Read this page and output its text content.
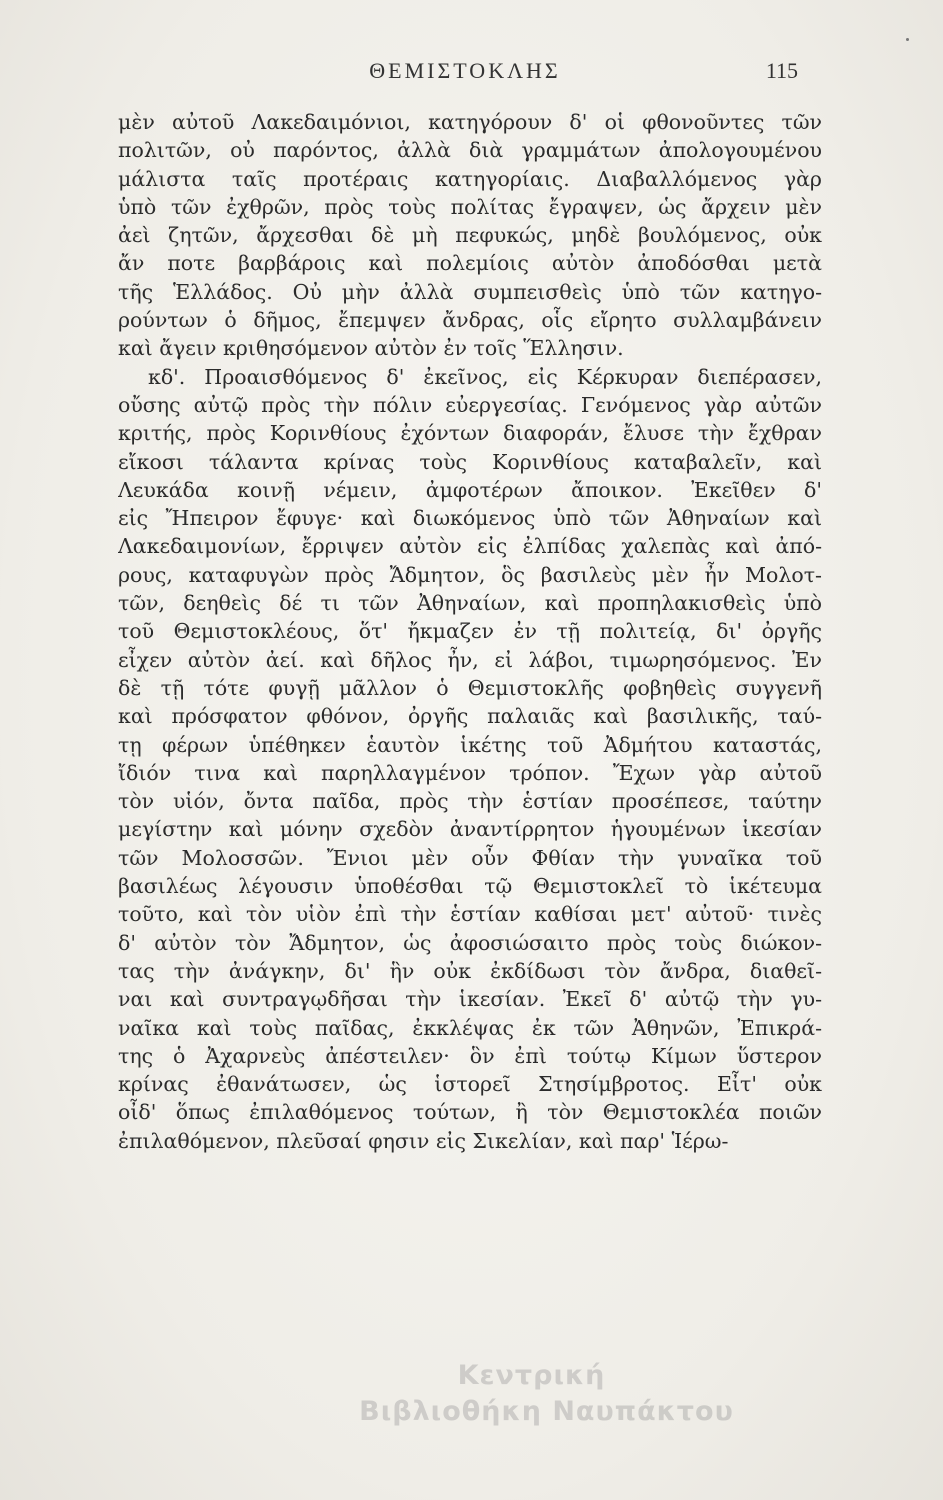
ΘΕΜΙΣΤΟΚΛΗΣ	115
μὲν αὐτοῦ Λακεδαιμόνιοι, κατηγόρουν δ' οἱ φθονοῦντες τῶν
πολιτῶν, οὐ παρόντος, ἀλλὰ διὰ γραμμάτων ἀπολογουμένου
μάλιστα ταῖς προτέραις κατηγορίαις. Διαβαλλόμενος γὰρ
ὑπὸ τῶν ἐχθρῶν, πρὸς τοὺς πολίτας ἔγραψεν, ὡς ἄρχειν μὲν
ἀεὶ ζητῶν, ἄρχεσθαι δὲ μὴ πεφυκώς, μηδὲ βουλόμενος, οὐκ
ἄν ποτε βαρβάροις καὶ πολεμίοις αὐτὸν ἀποδόσθαι μετὰ
τῆς Ἑλλάδος. Οὐ μὴν ἀλλὰ συμπεισθεὶς ὑπὸ τῶν κατηγο-
ρούντων ὁ δῆμος, ἔπεμψεν ἄνδρας, οἷς εἴρητο συλλαμβάνειν
καὶ ἄγειν κριθησόμενον αὐτὸν ἐν τοῖς Ἕλλησιν.
κδ'. Προαισθόμενος δ' ἐκεῖνος, εἰς Κέρκυραν διεπέρασεν,
οὔσης αὐτῷ πρὸς τὴν πόλιν εὐεργεσίας. Γενόμενος γὰρ αὐτῶν
κριτής, πρὸς Κορινθίους ἐχόντων διαφοράν, ἔλυσε τὴν ἔχθραν
εἴκοσι τάλαντα κρίνας τοὺς Κορινθίους καταβαλεῖν, καὶ
Λευκάδα κοινῇ νέμειν, ἀμφοτέρων ἄποικον. Ἐκεῖθεν δ'
εἰς Ἤπειρον ἔφυγε· καὶ διωκόμενος ὑπὸ τῶν Ἀθηναίων καὶ
Λακεδαιμονίων, ἔρριψεν αὐτὸν εἰς ἐλπίδας χαλεπὰς καὶ ἀπό-
ρους, καταφυγὼν πρὸς Ἄδμητον, ὃς βασιλεὺς μὲν ἦν Μολοτ-
τῶν, δεηθεὶς δέ τι τῶν Ἀθηναίων, καὶ προπηλακισθεὶς ὑπὸ
τοῦ Θεμιστοκλέους, ὅτ' ἤκμαζεν ἐν τῇ πολιτείᾳ, δι' ὀργῆς
εἶχεν αὐτὸν ἀεί. καὶ δῆλος ἦν, εἰ λάβοι, τιμωρησόμενος. Ἐν
δὲ τῇ τότε φυγῇ μᾶλλον ὁ Θεμιστοκλῆς φοβηθεὶς συγγενῆ
καὶ πρόσφατον φθόνον, ὀργῆς παλαιᾶς καὶ βασιλικῆς, ταύ-
τῃ φέρων ὑπέθηκεν ἑαυτὸν ἱκέτης τοῦ Ἀδμήτου καταστάς,
ἴδιόν τινα καὶ παρηλλαγμένον τρόπον. Ἔχων γὰρ αὐτοῦ
τὸν υἱόν, ὄντα παῖδα, πρὸς τὴν ἑστίαν προσέπεσε, ταύτην
μεγίστην καὶ μόνην σχεδὸν ἀναντίρρητον ἡγουμένων ἱκεσίαν
τῶν Μολοσσῶν. Ἔνιοι μὲν οὖν Φθίαν τὴν γυναῖκα τοῦ
βασιλέως λέγουσιν ὑποθέσθαι τῷ Θεμιστοκλεῖ τὸ ἱκέτευμα
τοῦτο, καὶ τὸν υἱὸν ἐπὶ τὴν ἑστίαν καθίσαι μετ' αὐτοῦ· τινὲς
δ' αὐτὸν τὸν Ἄδμητον, ὡς ἀφοσιώσαιτο πρὸς τοὺς διώκον-
τας τὴν ἀνάγκην, δι' ἣν οὐκ ἐκδίδωσι τὸν ἄνδρα, διαθεῖ-
ναι καὶ συντραγῳδῆσαι τὴν ἱκεσίαν. Ἐκεῖ δ' αὐτῷ τὴν γυ-
ναῖκα καὶ τοὺς παῖδας, ἐκκλέψας ἐκ τῶν Ἀθηνῶν, Ἐπικρά-
της ὁ Ἀχαρνεὺς ἀπέστειλεν· ὃν ἐπὶ τούτῳ Κίμων ὕστερον
κρίνας ἐθανάτωσεν, ὡς ἱστορεῖ Στησίμβροτος. Εἶτ' οὐκ
οἶδ' ὅπως ἐπιλαθόμενος τούτων, ἢ τὸν Θεμιστοκλέα ποιῶν
ἐπιλαθόμενον, πλεῦσαί φησιν εἰς Σικελίαν, καὶ παρ' Ἱέρω-
Κεντρική
Βιβλιοθήκη Ναυπάκτου
